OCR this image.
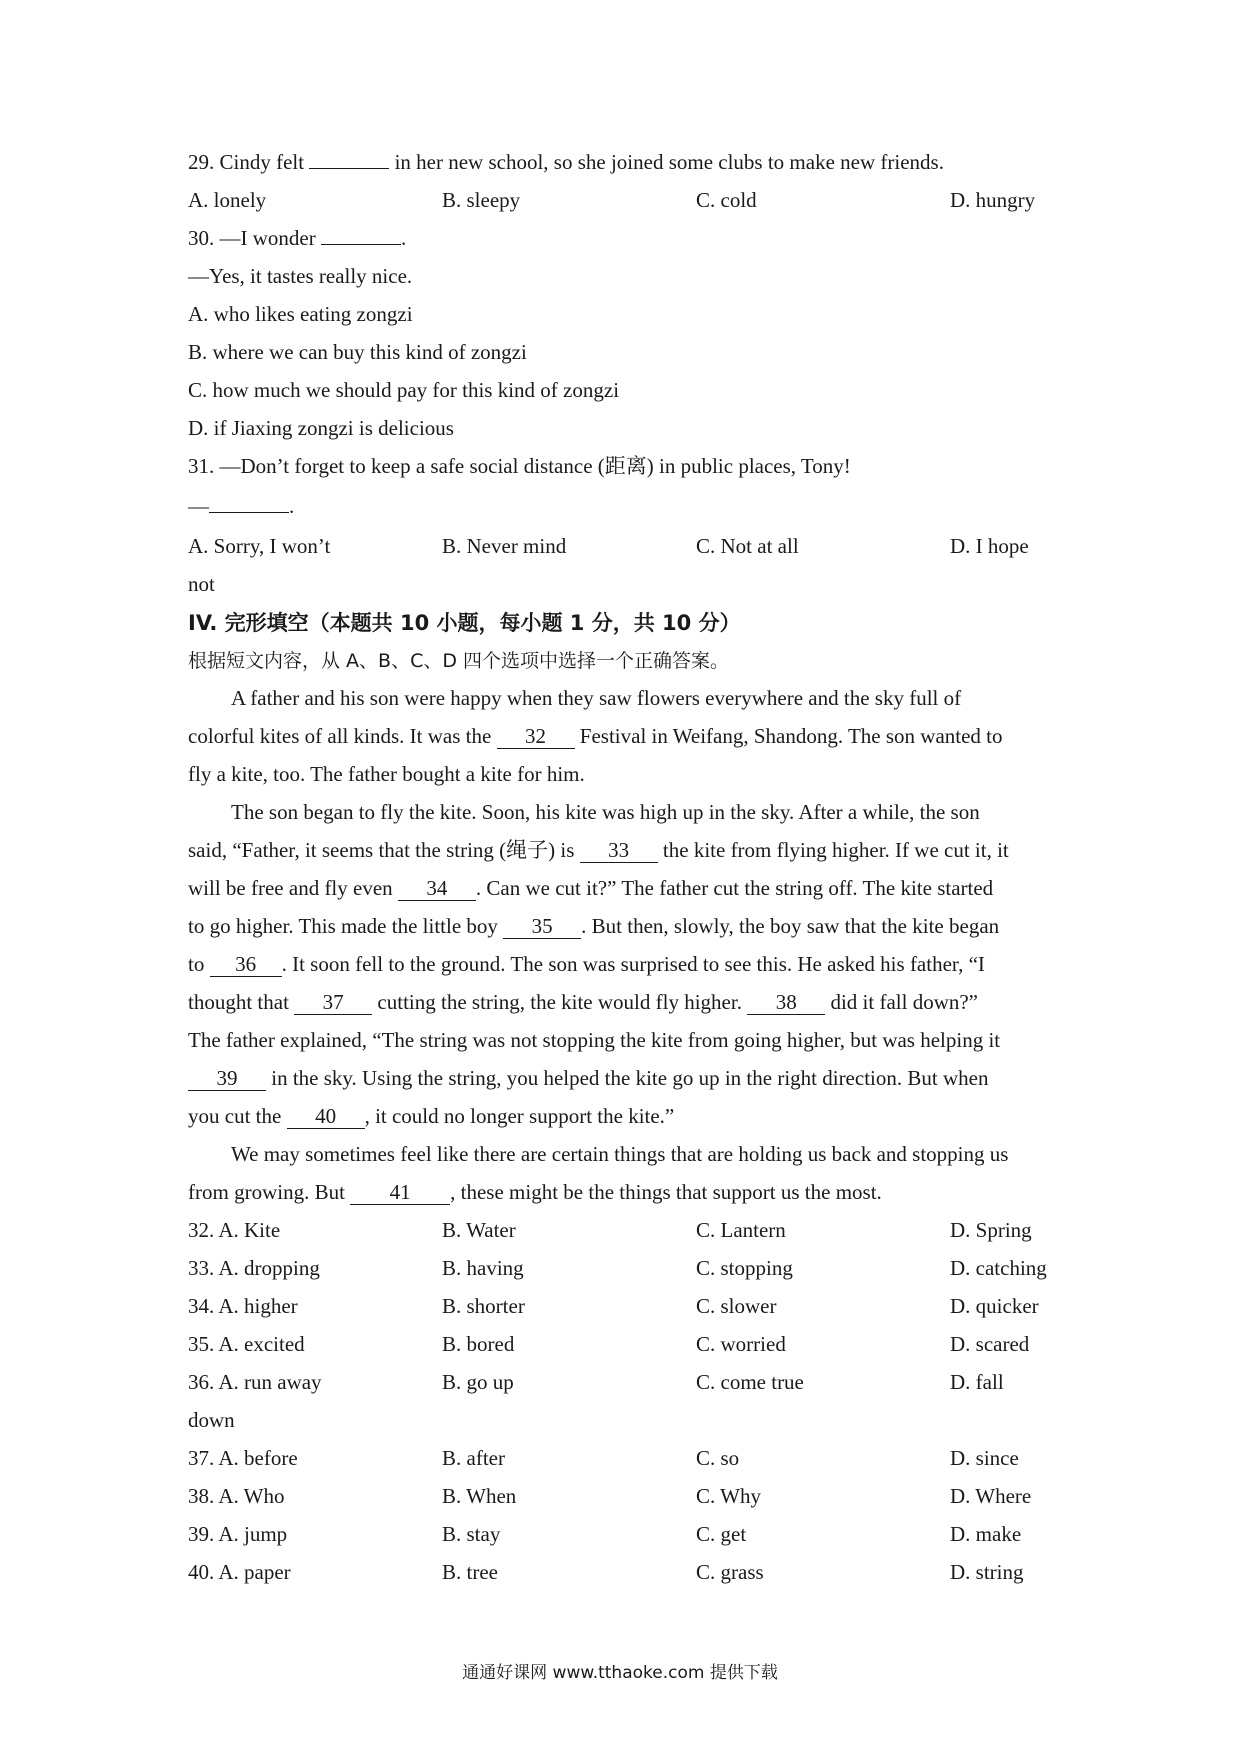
29. Cindy felt	in her new school, so she joined some clubs to make new friends.
A. lonely	B. sleepy	C. cold	D. hungry
30. —I wonder	.
—Yes, it tastes really nice.
A. who likes eating zongzi
B. where we can buy this kind of zongzi
C. how much we should pay for this kind of zongzi
D. if Jiaxing zongzi is delicious
31. —Don’t forget to keep a safe social distance (距离) in public places, Tony!
—	.
A. Sorry, I won’t	B. Never mind	C. Not at all	D. I hope
not
IV. 完形填空（本题共 10 小题，每小题 1 分，共 10 分）
根据短文内容，从 A、B、C、D 四个选项中选择一个正确答案。
A father and his son were happy when they saw flowers everywhere and the sky full of
colorful kites of all kinds. It was the 32 Festival in Weifang, Shandong. The son wanted to
fly a kite, too. The father bought a kite for him.
The son began to fly the kite. Soon, his kite was high up in the sky. After a while, the son
said, “Father, it seems that the string (绳子) is 33 the kite from flying higher. If we cut it, it
will be free and fly even 34 . Can we cut it?” The father cut the string off. The kite started
to go higher. This made the little boy 35 . But then, slowly, the boy saw that the kite began
to 36 . It soon fell to the ground. The son was surprised to see this. He asked his father, “I
thought that 37 cutting the string, the kite would fly higher. 38 did it fall down?”
The father explained, “The string was not stopping the kite from going higher, but was helping it
39 in the sky. Using the string, you helped the kite go up in the right direction. But when
you cut the 40 , it could no longer support the kite.”
We may sometimes feel like there are certain things that are holding us back and stopping us
from growing. But 41 , these might be the things that support us the most.
32. A. Kite	B. Water	C. Lantern	D. Spring
33. A. dropping	B. having	C. stopping	D. catching
34. A. higher	B. shorter	C. slower	D. quicker
35. A. excited	B. bored	C. worried	D. scared
36. A. run away	B. go up	C. come true	D. fall
down
37. A. before	B. after	C. so	D. since
38. A. Who	B. When	C. Why	D. Where
39. A. jump	B. stay	C. get	D. make
40. A. paper	B. tree	C. grass	D. string
通通好课网 www.tthaoke.com 提供下载
